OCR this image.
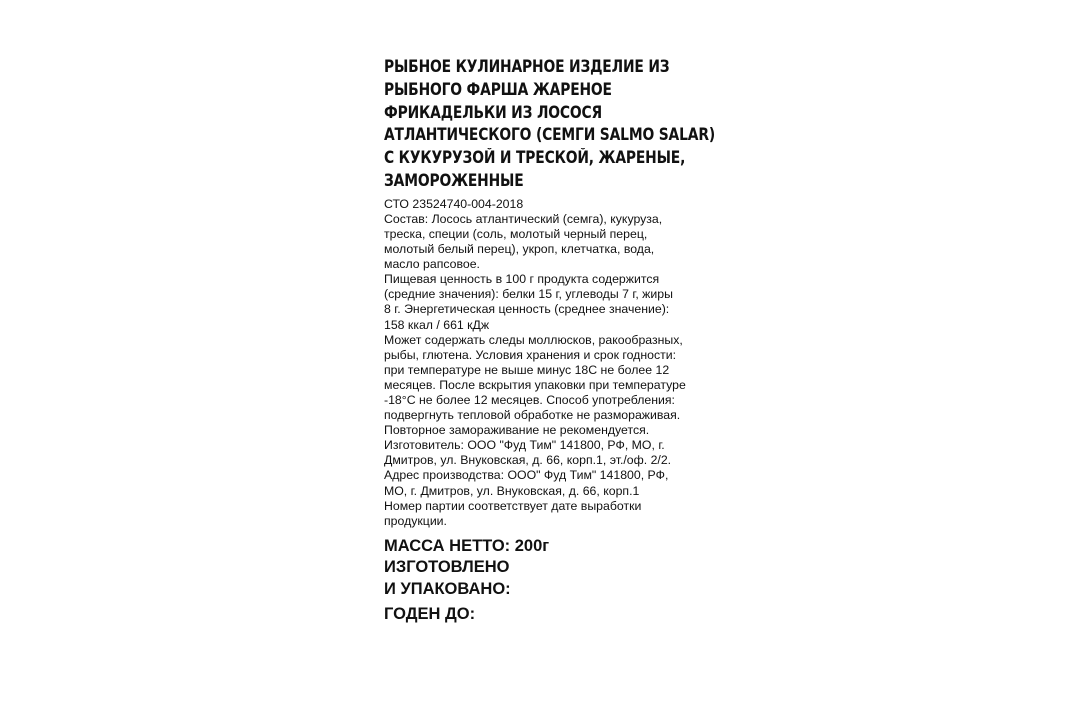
РЫБНОЕ КУЛИНАРНОЕ ИЗДЕЛИЕ ИЗ
РЫБНОГО ФАРША ЖАРЕНОЕ
ФРИКАДЕЛЬКИ ИЗ ЛОСОСЯ
АТЛАНТИЧЕСКОГО (СЕМГИ SALMO SALAR)
С КУКУРУЗОЙ И ТРЕСКОЙ, ЖАРЕНЫЕ,
ЗАМОРОЖЕННЫЕ
СТО 23524740-004-2018
Состав: Лосось атлантический (семга), кукуруза,
треска, специи (соль, молотый черный перец,
молотый белый перец), укроп, клетчатка, вода,
масло рапсовое.
Пищевая ценность в 100 г продукта содержится
(средние значения): белки 15 г, углеводы 7 г, жиры
8 г. Энергетическая ценность (среднее значение):
158 ккал / 661 кДж
Может содержать следы моллюсков, ракообразных,
рыбы, глютена. Условия хранения и срок годности:
при температуре не выше минус 18С не более 12
месяцев. После вскрытия упаковки при температуре
-18°С не более 12 месяцев. Способ употребления:
подвергнуть тепловой обработке не размораживая.
Повторное замораживание не рекомендуется.
Изготовитель: ООО "Фуд Тим" 141800, РФ, МО, г.
Дмитров, ул. Внуковская, д. 66, корп.1, эт./оф. 2/2.
Адрес производства: ООО" Фуд Тим" 141800, РФ,
МО, г. Дмитров, ул. Внуковская, д. 66, корп.1
Номер партии соответствует дате выработки
продукции.
МАССА НЕТТО: 200г
ИЗГОТОВЛЕНО
И УПАКОВАНО:
ГОДЕН ДО:
